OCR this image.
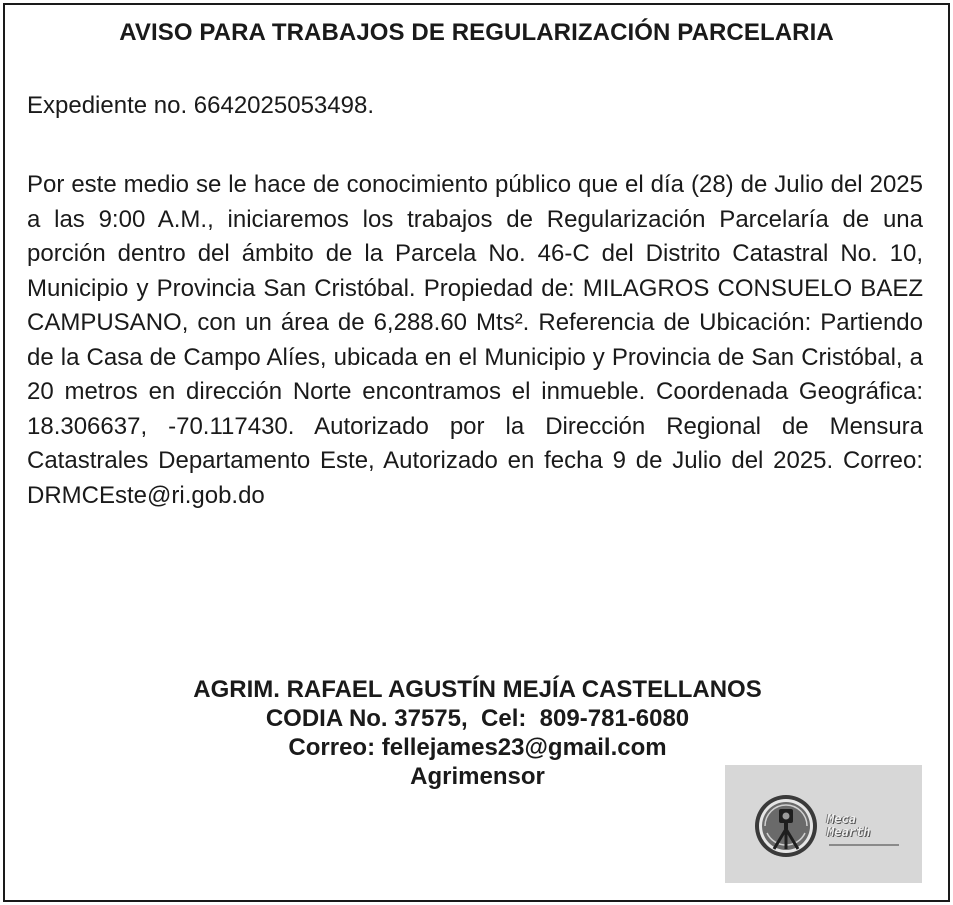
AVISO PARA TRABAJOS DE REGULARIZACIÓN PARCELARIA
Expediente no. 6642025053498.
Por este medio se le hace de conocimiento público que el día (28) de Julio del 2025 a las 9:00 A.M., iniciaremos los trabajos de Regularización Parcelaría de una porción dentro del ámbito de la Parcela No. 46-C del Distrito Catastral No. 10, Municipio y Provincia San Cristóbal. Propiedad de: MILAGROS CONSUELO BAEZ CAMPUSANO, con un área de 6,288.60 Mts². Referencia de Ubicación: Partiendo de la Casa de Campo Alíes, ubicada en el Municipio y Provincia de San Cristóbal, a 20 metros en dirección Norte encontramos el inmueble. Coordenada Geográfica: 18.306637, -70.117430. Autorizado por la Dirección Regional de Mensura Catastrales Departamento Este, Autorizado en fecha 9 de Julio del 2025. Correo: DRMCEste@ri.gob.do
AGRIM. RAFAEL AGUSTÍN MEJÍA CASTELLANOS
CODIA No. 37575,  Cel:  809-781-6080
Correo: fellejames23@gmail.com
Agrimensor
Meca
Mearth
